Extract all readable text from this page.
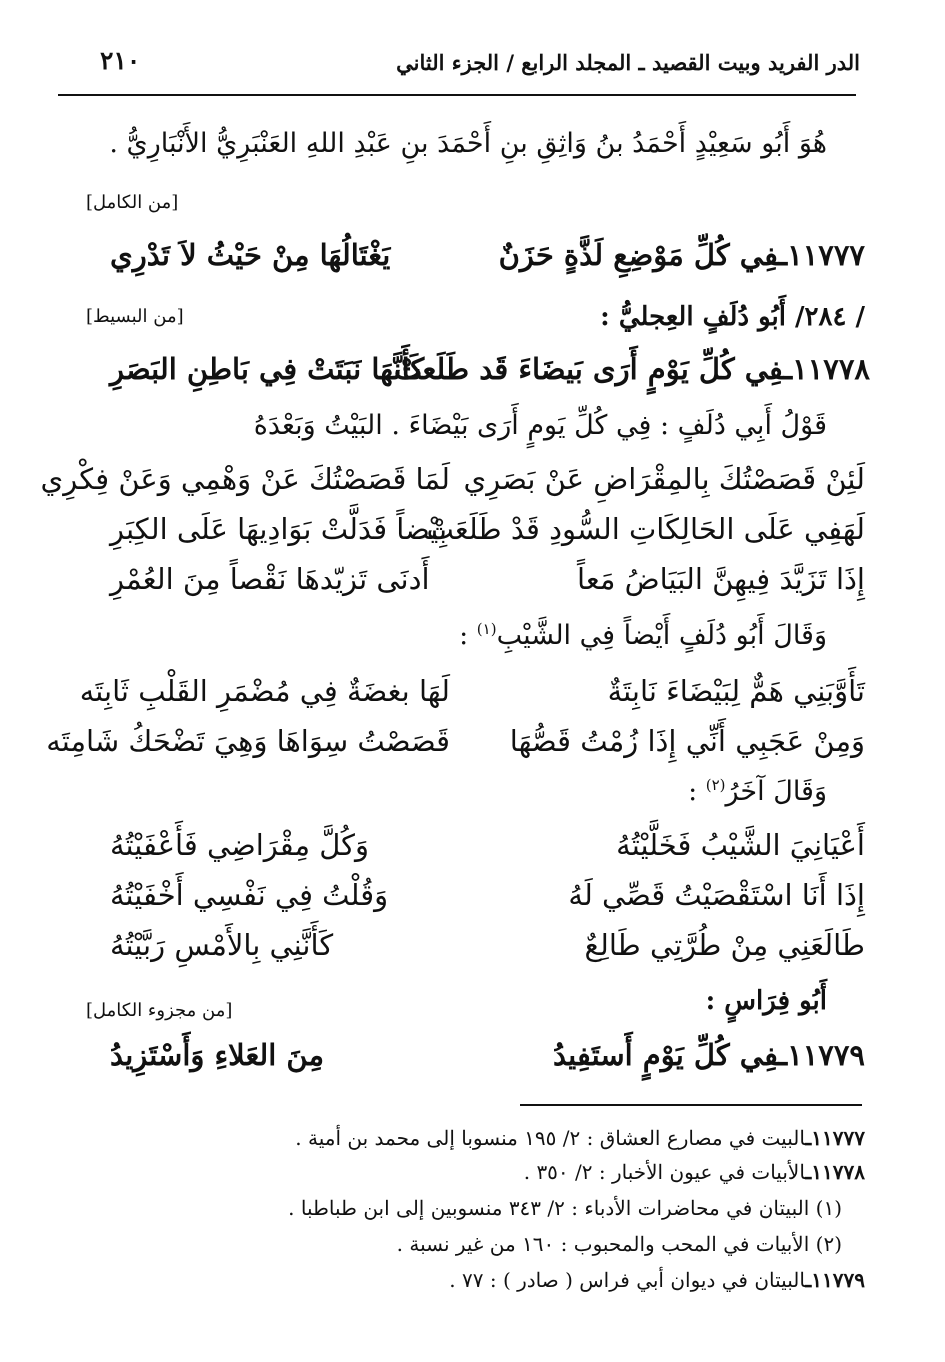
الدر الفريد وبيت القصيد ـ المجلد الرابع / الجزء الثاني
٢١٠
هُوَ أَبُو سَعِيْدٍ أَحْمَدُ بنُ وَاثِقِ بنِ أَحْمَدَ بنِ عَبْدِ اللهِ العَنْبَرِيُّ الأَنْبَارِيُّ .
[من الكامل]
١١٧٧٧ـفِي كُلِّ مَوْضِعِ لَذَّةٍ حَزَنٌ
يَغْتَالُهَا مِنْ حَيْثُ لاَ تَدْرِي
/ ٢٨٤/ أَبُو دُلَفٍ العِجليُّ :
[من البسيط]
١١٧٧٨ـفِي كُلِّ يَوْمٍ أَرَى بَيضَاءَ قَد طَلَعتْ
كَأَنَّهَا نَبَتَتْ فِي بَاطِنِ البَصَرِ
قَوْلُ أَبِي دُلَفٍ : فِي كُلِّ يَومٍ أَرَى بَيْضَاءَ . البَيْتُ وَبَعْدَهُ
لَئِنْ قَصَصْتُكَ بِالمِقْرَاضِ عَنْ بَصَرِي
لَمَا قَصَصْتُكَ عَنْ وَهْمِي وَعَنْ فِكْرِي
لَهَفِي عَلَى الحَالِكَاتِ السُّودِ قَدْ طَلَعَتْ
بِيْضاً فَدَلَّتْ بَوَادِيهَا عَلَى الكِبَرِ
إِذَا تَزَيَّدَ فِيهِنَّ البَيَاضُ مَعاً
أَدنَى تَزيّدهَا نَقْصاً مِنَ العُمْرِ
وَقَالَ أَبُو دُلَفٍ أَيْضاً فِي الشَّيْبِ$^{(١)}$ :
تَأَوَّبَنِي هَمٌّ لِبَيْضَاءَ نَابِتَةٌ
لَهَا بغضَةٌ فِي مُضْمَرِ القَلْبِ ثَابِتَه
وَمِنْ عَجَبِي أَنِّي إِذَا زُمْتُ قَصُّهَا
قَصَصْتُ سِوَاهَا وَهِيَ تَضْحَكُ شَامِتَه
وَقَالَ آخَرُ$^{(٢)}$ :
أَعْيَانِيَ الشَّيْبُ فَخَلَّيْتُهُ
وَكُلَّ مِقْرَاضِي فَأَعْفَيْتُهُ
إِذَا أَنَا اسْتَقْصَيْتُ قَصِّي لَهُ
وَقُلْتُ فِي نَفْسِي أَخْفَيْتُهُ
طَالَعَنِي مِنْ طُرَّتِي طَالِعٌ
كَأَنَّنِي بِالأَمْسِ رَبَّيْتُهُ
أَبُو فِرَاسٍ :
[من مجزوء الكامل]
١١٧٧٩ـفِي كُلِّ يَوْمٍ أَستَفِيدُ
مِنَ العَلاءِ وَأَسْتَزِيدُ
١١٧٧٧ـالبيت في مصارع العشاق : ٢/ ١٩٥ منسوبا إلى محمد بن أمية .
١١٧٧٨ـالأبيات في عيون الأخبار : ٢/ ٣٥٠ .
(١) البيتان في محاضرات الأدباء : ٢/ ٣٤٣ منسوبين إلى ابن طباطبا .
(٢) الأبيات في المحب والمحبوب : ١٦٠ من غير نسبة .
١١٧٧٩ـالبيتان في ديوان أبي فراس ( صادر ) : ٧٧ .
